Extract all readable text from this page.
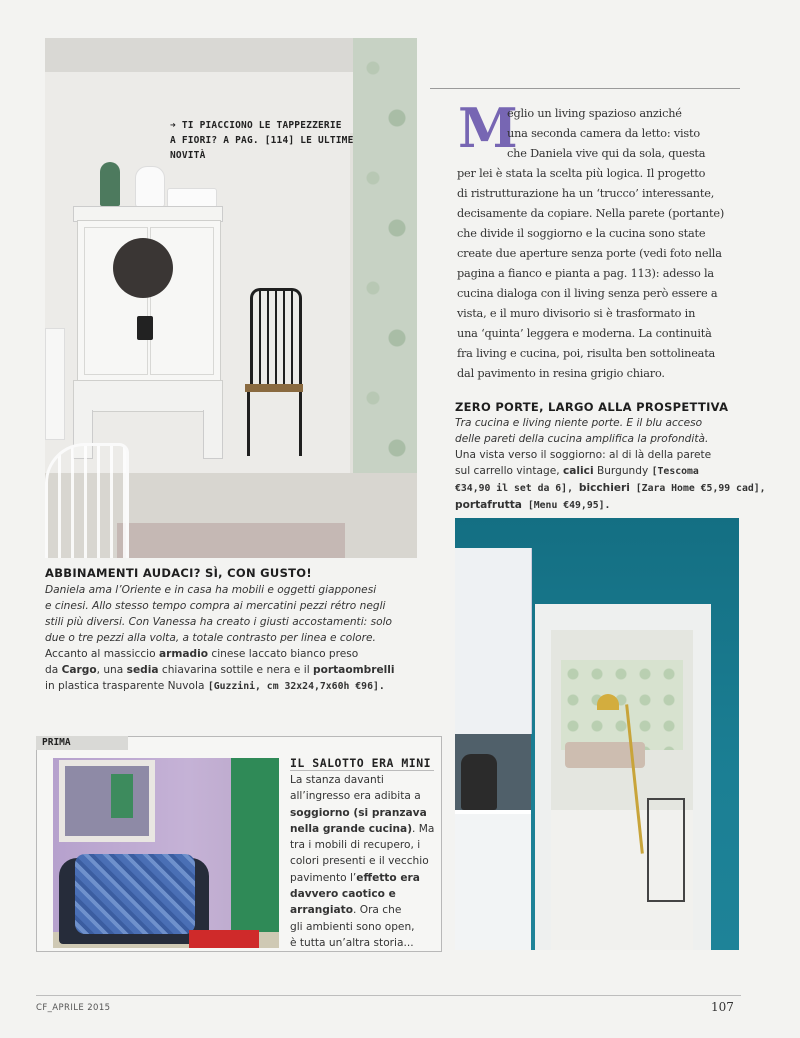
➜ TI PIACCIONO LE TAPPEZZERIE
A FIORI? A PAG. [114] LE ULTIME NOVITÀ	M
eglio un living spazioso anziché
una seconda camera da letto: visto
che Daniela vive qui da sola, questa
per lei è stata la scelta più logica. Il progetto
di ristrutturazione ha un ‘trucco’ interessante,
decisamente da copiare. Nella parete (portante)
che divide il soggiorno e la cucina sono state
create due aperture senza porte (vedi foto nella
pagina a fianco e pianta a pag. 113): adesso la
cucina dialoga con il living senza però essere a
vista, e il muro divisorio si è trasformato in
una ‘quinta’ leggera e moderna. La continuità
fra living e cucina, poi, risulta ben sottolineata
dal pavimento in resina grigio chiaro.
ZERO PORTE, LARGO ALLA PROSPETTIVA
Tra cucina e living niente porte. E il blu acceso
delle pareti della cucina amplifica la profondità.
Una vista verso il soggiorno: al di là della parete
sul carrello vintage, calici Burgundy [Tescoma
€34,90 il set da 6], bicchieri [Zara Home €5,99 cad],
portafrutta [Menu €49,95].
ABBINAMENTI AUDACI? SÌ, CON GUSTO!
Daniela ama l’Oriente e in casa ha mobili e oggetti giapponesi
e cinesi. Allo stesso tempo compra ai mercatini pezzi rétro negli
stili più diversi. Con Vanessa ha creato i giusti accostamenti: solo
due o tre pezzi alla volta, a totale contrasto per linea e colore.
Accanto al massiccio armadio cinese laccato bianco preso
da Cargo, una sedia chiavarina sottile e nera e il portaombrelli
in plastica trasparente Nuvola [Guzzini, cm 32x24,7x60h €96].
PRIMA
IL SALOTTO ERA MINI
La stanza davanti
all’ingresso era adibita a
soggiorno (si pranzava
nella grande cucina). Ma
tra i mobili di recupero, i
colori presenti e il vecchio
pavimento l’effetto era
davvero caotico e
arrangiato. Ora che
gli ambienti sono open,
è tutta un’altra storia...
CF_APRILE 2015	107
